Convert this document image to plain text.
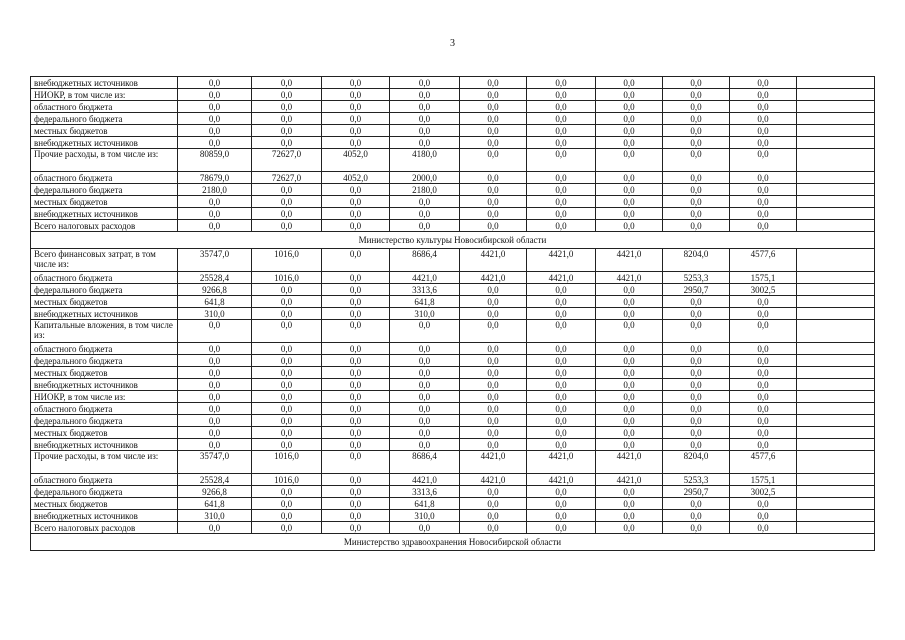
3
внебюджетных источников	0,0	0,0	0,0	0,0	0,0	0,0	0,0	0,0	0,0	
НИОКР, в том числе из:	0,0	0,0	0,0	0,0	0,0	0,0	0,0	0,0	0,0	
областного бюджета	0,0	0,0	0,0	0,0	0,0	0,0	0,0	0,0	0,0	
федерального бюджета	0,0	0,0	0,0	0,0	0,0	0,0	0,0	0,0	0,0	
местных бюджетов	0,0	0,0	0,0	0,0	0,0	0,0	0,0	0,0	0,0	
внебюджетных источников	0,0	0,0	0,0	0,0	0,0	0,0	0,0	0,0	0,0	
Прочие расходы, в том числе из:	80859,0	72627,0	4052,0	4180,0	0,0	0,0	0,0	0,0	0,0	
областного бюджета	78679,0	72627,0	4052,0	2000,0	0,0	0,0	0,0	0,0	0,0	
федерального бюджета	2180,0	0,0	0,0	2180,0	0,0	0,0	0,0	0,0	0,0	
местных бюджетов	0,0	0,0	0,0	0,0	0,0	0,0	0,0	0,0	0,0	
внебюджетных источников	0,0	0,0	0,0	0,0	0,0	0,0	0,0	0,0	0,0	
Всего налоговых расходов	0,0	0,0	0,0	0,0	0,0	0,0	0,0	0,0	0,0	
Министерство культуры Новосибирской области										
Всего финансовых затрат, в том числе из:	35747,0	1016,0	0,0	8686,4	4421,0	4421,0	4421,0	8204,0	4577,6	
областного бюджета	25528,4	1016,0	0,0	4421,0	4421,0	4421,0	4421,0	5253,3	1575,1	
федерального бюджета	9266,8	0,0	0,0	3313,6	0,0	0,0	0,0	2950,7	3002,5	
местных бюджетов	641,8	0,0	0,0	641,8	0,0	0,0	0,0	0,0	0,0	
внебюджетных источников	310,0	0,0	0,0	310,0	0,0	0,0	0,0	0,0	0,0	
Капитальные вложения, в том числе из:	0,0	0,0	0,0	0,0	0,0	0,0	0,0	0,0	0,0	
областного бюджета	0,0	0,0	0,0	0,0	0,0	0,0	0,0	0,0	0,0	
федерального бюджета	0,0	0,0	0,0	0,0	0,0	0,0	0,0	0,0	0,0	
местных бюджетов	0,0	0,0	0,0	0,0	0,0	0,0	0,0	0,0	0,0	
внебюджетных источников	0,0	0,0	0,0	0,0	0,0	0,0	0,0	0,0	0,0	
НИОКР, в том числе из:	0,0	0,0	0,0	0,0	0,0	0,0	0,0	0,0	0,0	
областного бюджета	0,0	0,0	0,0	0,0	0,0	0,0	0,0	0,0	0,0	
федерального бюджета	0,0	0,0	0,0	0,0	0,0	0,0	0,0	0,0	0,0	
местных бюджетов	0,0	0,0	0,0	0,0	0,0	0,0	0,0	0,0	0,0	
внебюджетных источников	0,0	0,0	0,0	0,0	0,0	0,0	0,0	0,0	0,0	
Прочие расходы, в том числе из:	35747,0	1016,0	0,0	8686,4	4421,0	4421,0	4421,0	8204,0	4577,6	
областного бюджета	25528,4	1016,0	0,0	4421,0	4421,0	4421,0	4421,0	5253,3	1575,1	
федерального бюджета	9266,8	0,0	0,0	3313,6	0,0	0,0	0,0	2950,7	3002,5	
местных бюджетов	641,8	0,0	0,0	641,8	0,0	0,0	0,0	0,0	0,0	
внебюджетных источников	310,0	0,0	0,0	310,0	0,0	0,0	0,0	0,0	0,0	
Всего налоговых расходов	0,0	0,0	0,0	0,0	0,0	0,0	0,0	0,0	0,0	
Министерство здравоохранения Новосибирской области										
